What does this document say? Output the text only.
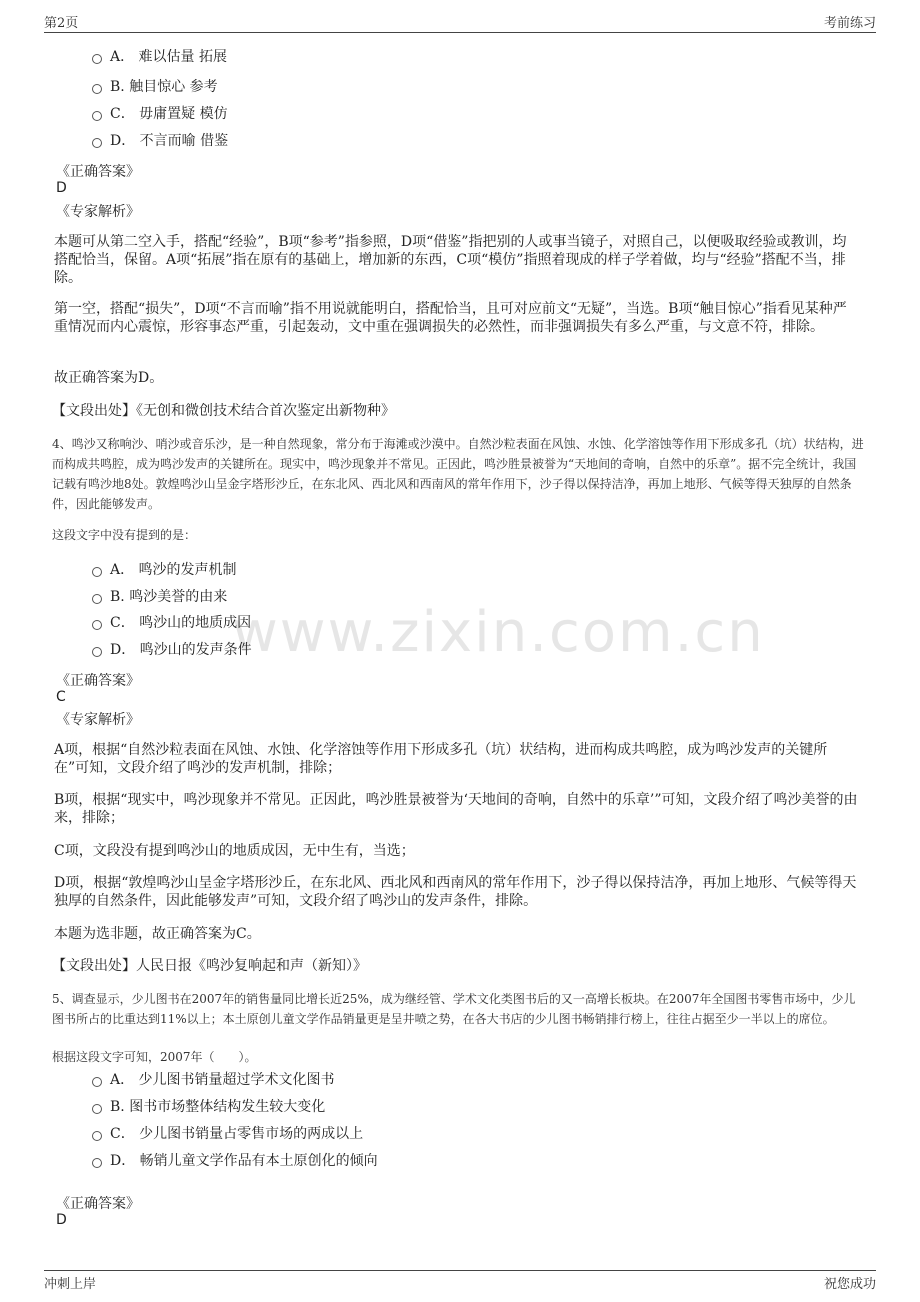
第2页	考前练习
www.zixin.com.cn
A． 难以估量 拓展
B. 触目惊心 参考
C． 毋庸置疑 模仿
D． 不言而喻 借鉴
《正确答案》
D
《专家解析》
本题可从第二空入手，搭配“经验”，B项“参考”指参照，D项“借鉴”指把别的人或事当镜子，对照自己，以便吸取经验或教训，均搭配恰当，保留。A项“拓展”指在原有的基础上，增加新的东西，C项“模仿”指照着现成的样子学着做，均与“经验”搭配不当，排除。
第一空，搭配“损失”，D项“不言而喻”指不用说就能明白，搭配恰当，且可对应前文“无疑”，当选。B项“触目惊心”指看见某种严重情况而内心震惊，形容事态严重，引起轰动，文中重在强调损失的必然性，而非强调损失有多么严重，与文意不符，排除。
故正确答案为D。
【文段出处】《无创和微创技术结合首次鉴定出新物种》
4、鸣沙又称响沙、哨沙或音乐沙，是一种自然现象，常分布于海滩或沙漠中。自然沙粒表面在风蚀、水蚀、化学溶蚀等作用下形成多孔（坑）状结构，进而构成共鸣腔，成为鸣沙发声的关键所在。现实中，鸣沙现象并不常见。正因此，鸣沙胜景被誉为“天地间的奇响，自然中的乐章”。据不完全统计，我国记载有鸣沙地8处。敦煌鸣沙山呈金字塔形沙丘，在东北风、西北风和西南风的常年作用下，沙子得以保持洁净，再加上地形、气候等得天独厚的自然条件，因此能够发声。
这段文字中没有提到的是：
A． 鸣沙的发声机制
B. 鸣沙美誉的由来
C． 鸣沙山的地质成因
D． 鸣沙山的发声条件
《正确答案》
C
《专家解析》
A项，根据“自然沙粒表面在风蚀、水蚀、化学溶蚀等作用下形成多孔（坑）状结构，进而构成共鸣腔，成为鸣沙发声的关键所在”可知，文段介绍了鸣沙的发声机制，排除；
B项，根据“现实中，鸣沙现象并不常见。正因此，鸣沙胜景被誉为‘天地间的奇响，自然中的乐章’”可知，文段介绍了鸣沙美誉的由来，排除；
C项，文段没有提到鸣沙山的地质成因，无中生有，当选；
D项，根据“敦煌鸣沙山呈金字塔形沙丘，在东北风、西北风和西南风的常年作用下，沙子得以保持洁净，再加上地形、气候等得天独厚的自然条件，因此能够发声”可知，文段介绍了鸣沙山的发声条件，排除。
本题为选非题，故正确答案为C。
【文段出处】人民日报《鸣沙复响起和声（新知）》
5、调查显示，少儿图书在2007年的销售量同比增长近25%，成为继经管、学术文化类图书后的又一高增长板块。在2007年全国图书零售市场中，少儿图书所占的比重达到11%以上；本土原创儿童文学作品销量更是呈井喷之势，在各大书店的少儿图书畅销排行榜上，往往占据至少一半以上的席位。
根据这段文字可知，2007年（　　）。
A． 少儿图书销量超过学术文化图书
B. 图书市场整体结构发生较大变化
C． 少儿图书销量占零售市场的两成以上
D． 畅销儿童文学作品有本土原创化的倾向
《正确答案》
D
冲刺上岸	祝您成功
